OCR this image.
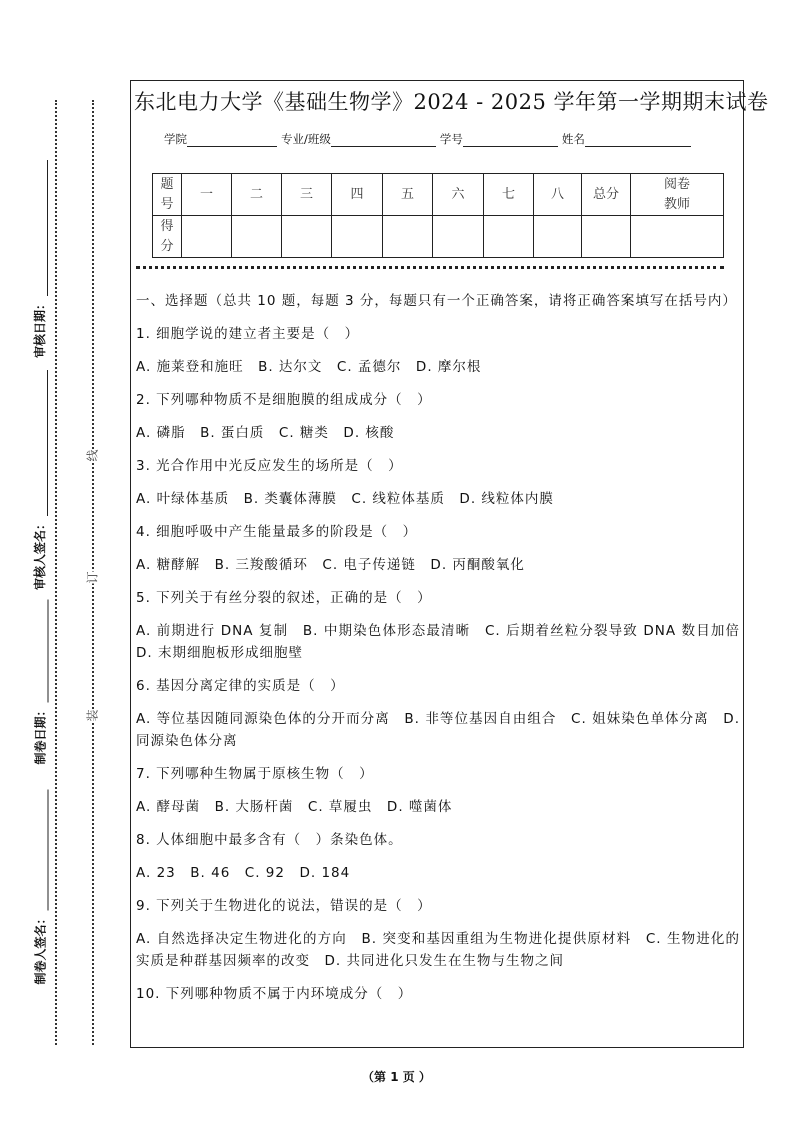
线
订
装
制卷人签名：
制卷日期：
审核人签名：
审核日期：
东北电力大学《基础生物学》2024 - 2025 学年第一学期期末试卷
学院	专业/班级	学号	姓名
题
号	一	二	三	四	五	六	七	八	总分	阅卷
教师
得
分										

一、选择题（总共 10 题，每题 3 分，每题只有一个正确答案，请将正确答案填写在括号内）

1. 细胞学说的建立者主要是（　）

A. 施莱登和施旺　B. 达尔文　C. 孟德尔　D. 摩尔根

2. 下列哪种物质不是细胞膜的组成成分（　）

A. 磷脂　B. 蛋白质　C. 糖类　D. 核酸

3. 光合作用中光反应发生的场所是（　）

A. 叶绿体基质　B. 类囊体薄膜　C. 线粒体基质　D. 线粒体内膜

4. 细胞呼吸中产生能量最多的阶段是（　）

A. 糖酵解　B. 三羧酸循环　C. 电子传递链　D. 丙酮酸氧化

5. 下列关于有丝分裂的叙述，正确的是（　）

A. 前期进行 DNA 复制　B. 中期染色体形态最清晰　C. 后期着丝粒分裂导致 DNA 数目加倍　D. 末期细胞板形成细胞壁

6. 基因分离定律的实质是（　）

A. 等位基因随同源染色体的分开而分离　B. 非等位基因自由组合　C. 姐妹染色单体分离　D. 同源染色体分离

7. 下列哪种生物属于原核生物（　）

A. 酵母菌　B. 大肠杆菌　C. 草履虫　D. 噬菌体

8. 人体细胞中最多含有（　）条染色体。

A. 23　B. 46　C. 92　D. 184

9. 下列关于生物进化的说法，错误的是（　）

A. 自然选择决定生物进化的方向　B. 突变和基因重组为生物进化提供原材料　C. 生物进化的实质是种群基因频率的改变　D. 共同进化只发生在生物与生物之间

10. 下列哪种物质不属于内环境成分（　）

（第 1 页 ）
